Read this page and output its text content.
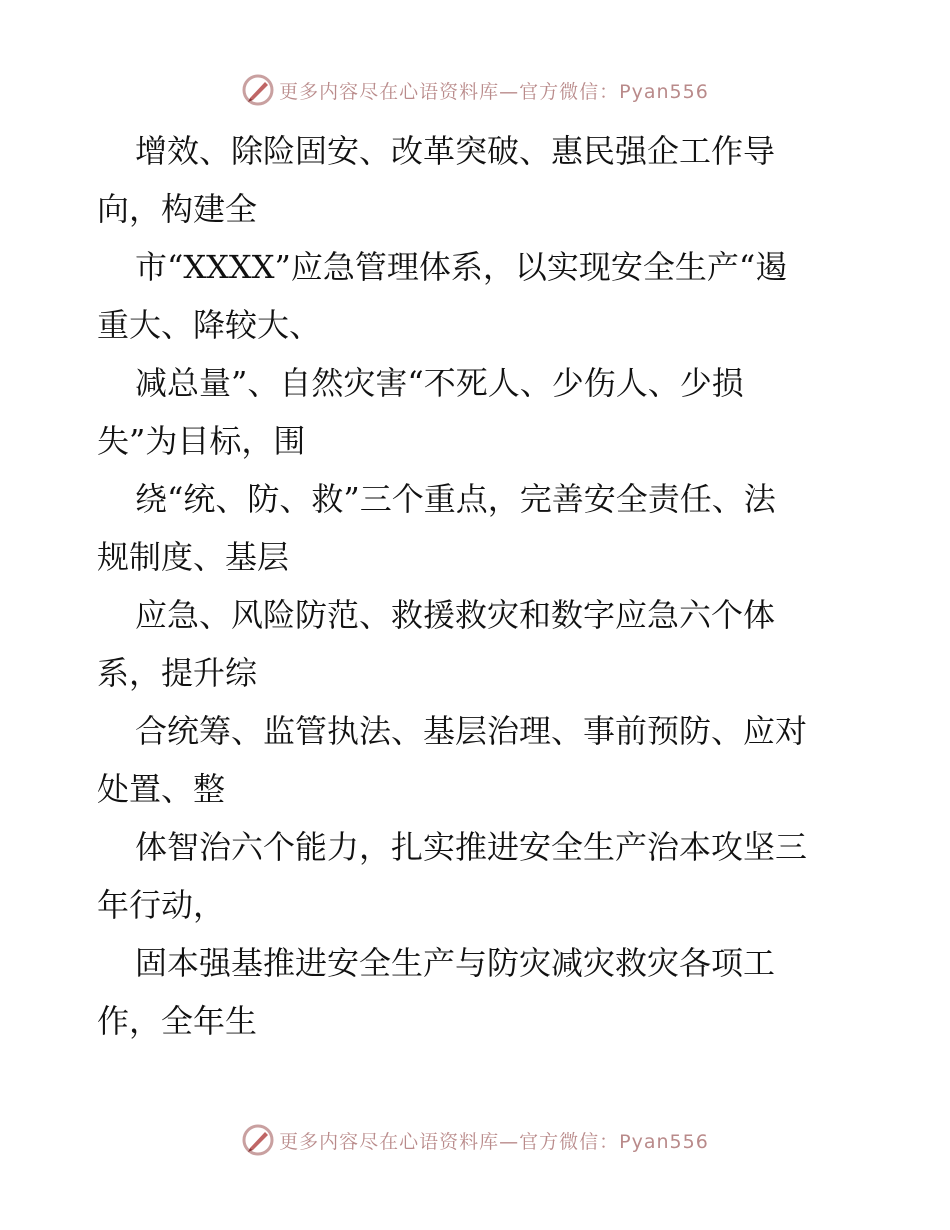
更多内容尽在心语资料库—官方微信：Pyan556
增效、除险固安、改革突破、惠民强企工作导
向，构建全
市“XXXX”应急管理体系，以实现安全生产“遏
重大、降较大、
减总量”、自然灾害“不死人、少伤人、少损
失”为目标，围
绕“统、防、救”三个重点，完善安全责任、法
规制度、基层
应急、风险防范、救援救灾和数字应急六个体
系，提升综
合统筹、监管执法、基层治理、事前预防、应对
处置、整
体智治六个能力，扎实推进安全生产治本攻坚三
年行动，
固本强基推进安全生产与防灾减灾救灾各项工
作，全年生
更多内容尽在心语资料库—官方微信：Pyan556
